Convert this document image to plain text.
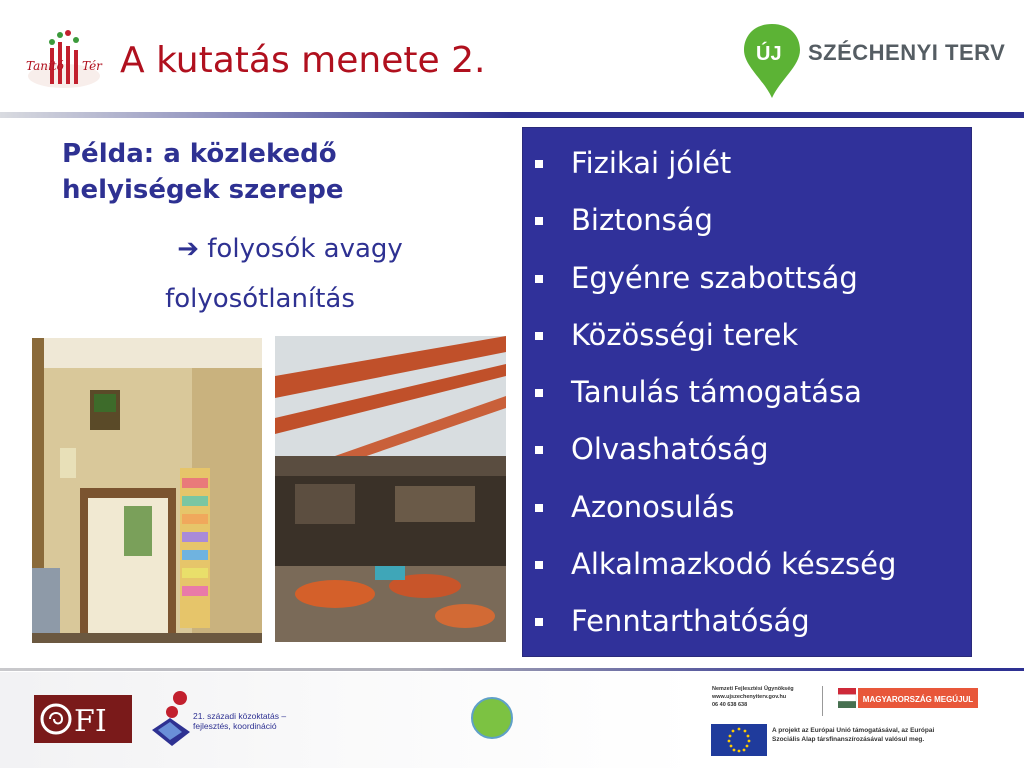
Tanító Tér A kutatás menete 2.	ÚJ SZÉCHENYI TERV
Példa: a közlekedő helyiségek szerepe
➔ folyosók avagy
folyosótlanítás
Fizikai jólét
Biztonság
Egyénre szabottság
Közösségi terek
Tanulás támogatása
Olvashatóság
Azonosulás
Alkalmazkodó készség
Fenntarthatóság
FI	21. századi közoktatás –
fejlesztés, koordináció
Nemzeti Fejlesztési Ügynökség
www.ujszechenyiterv.gov.hu
06 40 638 638
MAGYARORSZÁG MEGÚJUL
A projekt az Európai Unió támogatásával, az Európai
Szociális Alap társfinanszírozásával valósul meg.
